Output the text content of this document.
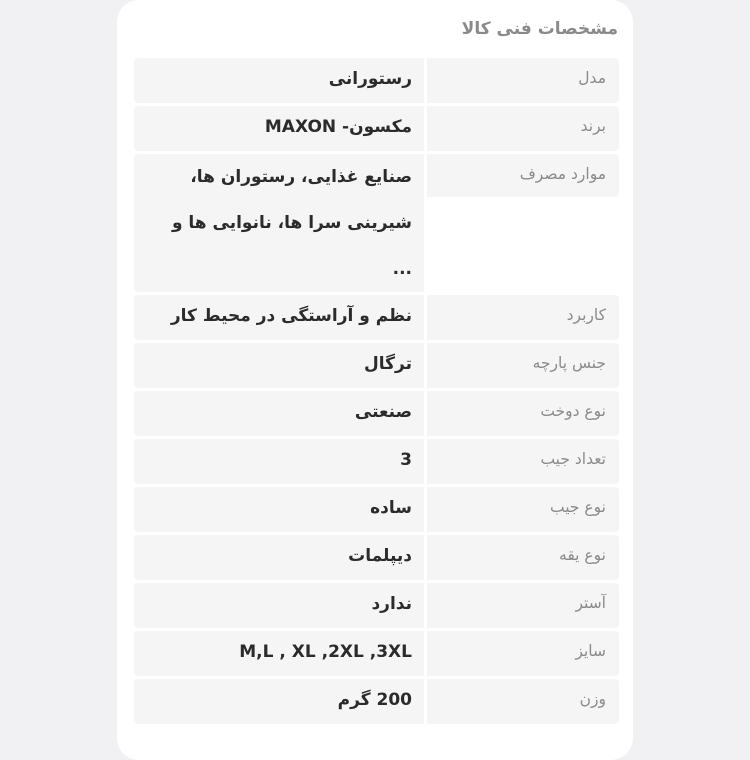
مشخصات فنی کالا
مدل
رستورانی
برند
مکسون- MAXON
موارد مصرف
صنایع غذایی، رستوران ها،
شیرینی سرا ها، نانوایی ها و
...
کاربرد
نظم و آراستگی در محیط کار
جنس پارچه
ترگال
نوع دوخت
صنعتی
تعداد جیب
3
نوع جیب
ساده
نوع یقه
دیپلمات
آستر
ندارد
سایز
M,L , XL ,2XL ,3XL
وزن
200 گرم
